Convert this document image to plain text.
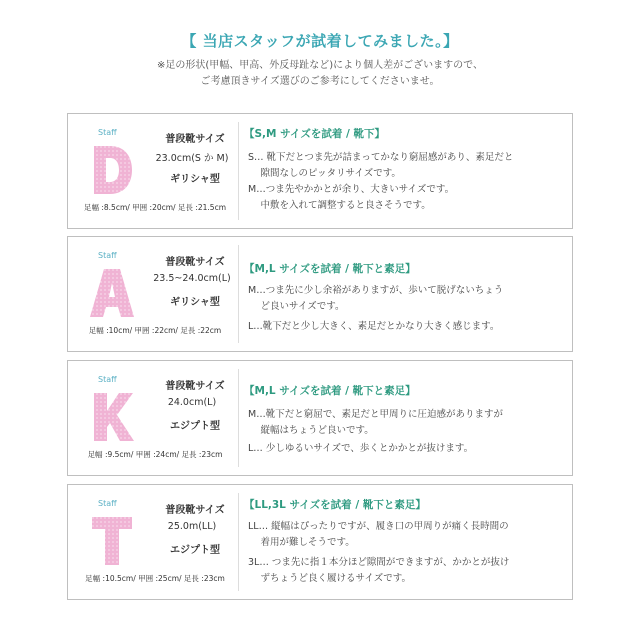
【 当店スタッフが試着してみました。】
※足の形状(甲幅、甲高、外反母趾など)により個人差がございますので、
ご考慮頂きサイズ選びのご参考にしてくださいませ。
Staff
普段靴サイズ
23.0cm(S か M)
ギリシャ型
足幅 :8.5cm/ 甲囲 :20cm/ 足長 :21.5cm
【S,M サイズを試着 / 靴下】
S… 靴下だとつま先が詰まってかなり窮屈感があり、素足だと
　 隙間なしのピッタリサイズです。
M…つま先やかかとが余り、大きいサイズです。
　 中敷を入れて調整すると良さそうです。
Staff
普段靴サイズ
23.5~24.0cm(L)
ギリシャ型
足幅 :10cm/ 甲囲 :22cm/ 足長 :22cm
【M,L サイズを試着 / 靴下と素足】
M…つま先に少し余裕がありますが、歩いて脱げないちょう
　 ど良いサイズです。
L…靴下だと少し大きく、素足だとかなり大きく感じます。
Staff
普段靴サイズ
24.0cm(L)
エジプト型
足幅 :9.5cm/ 甲囲 :24cm/ 足長 :23cm
【M,L サイズを試着 / 靴下と素足】
M…靴下だと窮屈で、素足だと甲周りに圧迫感がありますが
　 縦幅はちょうど良いです。
L… 少しゆるいサイズで、歩くとかかとが抜けます。
Staff
普段靴サイズ
25.0m(LL)
エジプト型
足幅 :10.5cm/ 甲囲 :25cm/ 足長 :23cm
【LL,3L サイズを試着 / 靴下と素足】
LL… 縦幅はぴったりですが、履き口の甲周りが痛く長時間の
　 着用が難しそうです。
3L… つま先に指１本分ほど隙間ができますが、かかとが抜け
　 ずちょうど良く履けるサイズです。
